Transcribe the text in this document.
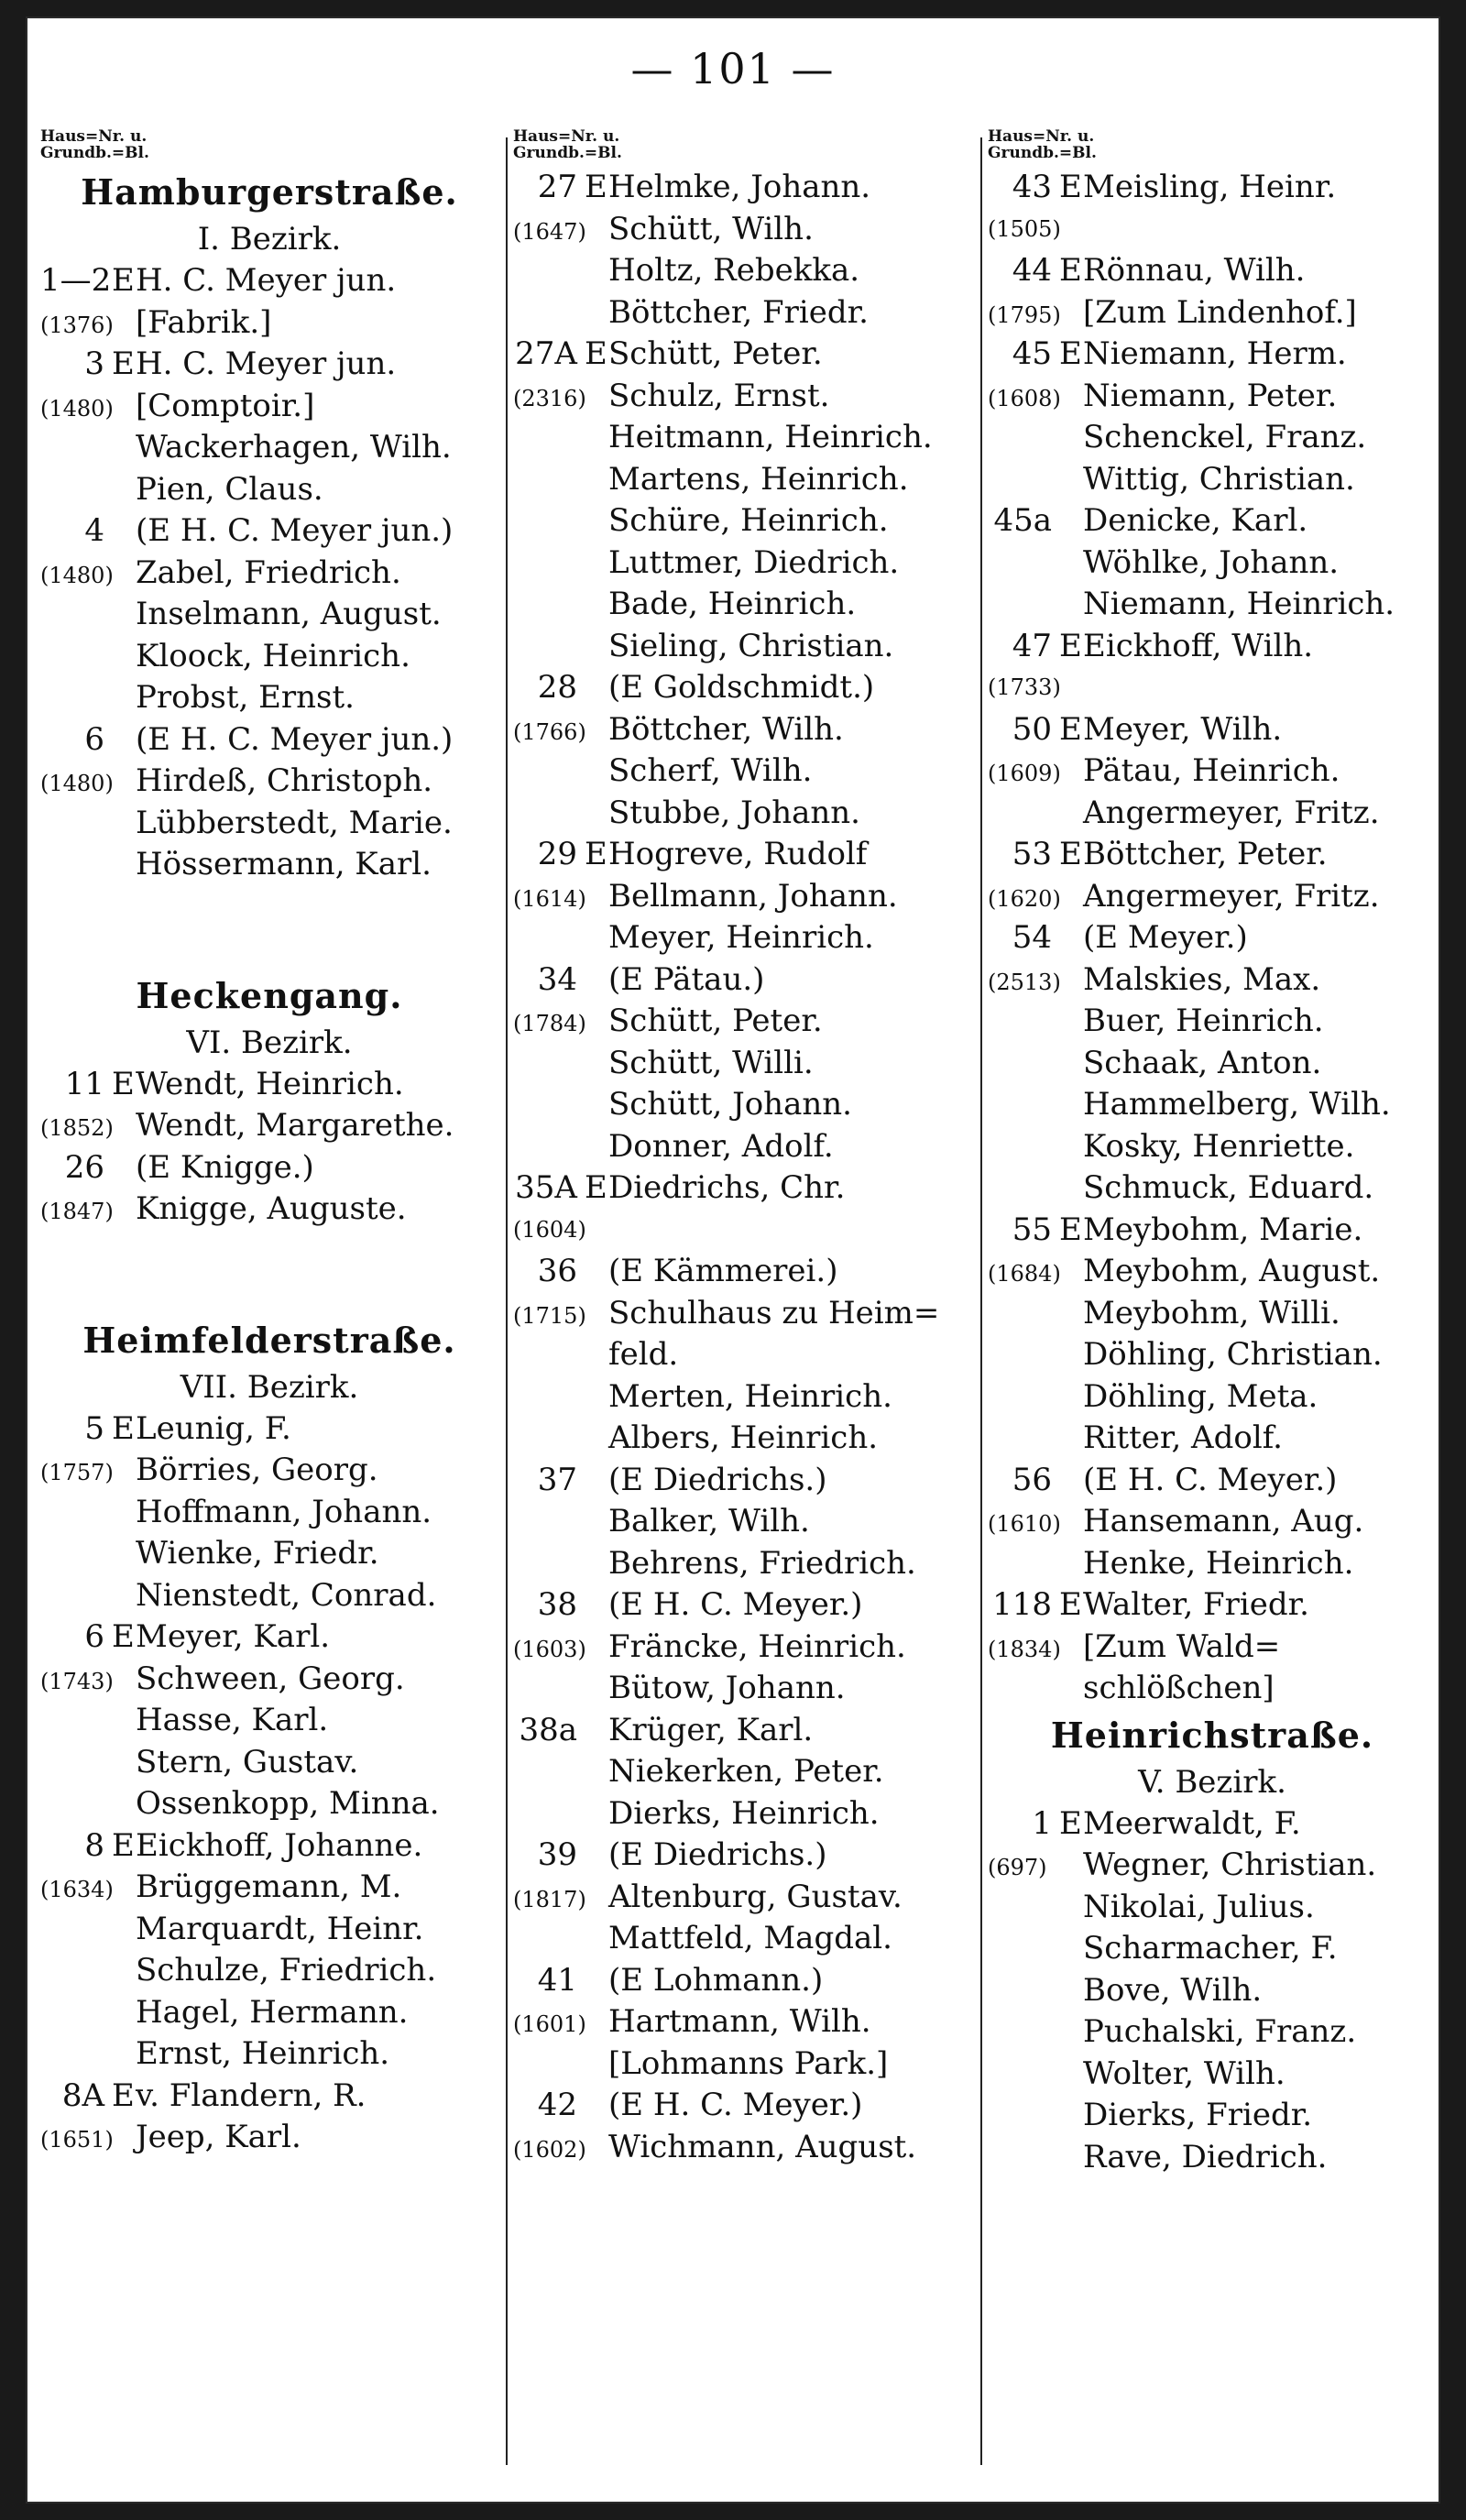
— 101 —
Haus=Nr. u.
Grundb.=Bl.
Hamburgerstraße.
I. Bezirk.
1—2 E H. C. Meyer jun.
(1376) [Fabrik.]
3 E H. C. Meyer jun.
(1480) [Comptoir.]
Wackerhagen, Wilh.
Pien, Claus.
4 (E H. C. Meyer jun.)
(1480) Zabel, Friedrich.
Inselmann, August.
Kloock, Heinrich.
Probst, Ernst.
6 (E H. C. Meyer jun.)
(1480) Hirdeß, Christoph.
Lübberstedt, Marie.
Hössermann, Karl.
Heckengang.
VI. Bezirk.
11 E Wendt, Heinrich.
(1852) Wendt, Margarethe.
26 (E Knigge.)
(1847) Knigge, Auguste.
Heimfelderstraße.
VII. Bezirk.
5 E Leunig, F.
(1757) Börries, Georg.
Hoffmann, Johann.
Wienke, Friedr.
Nienstedt, Conrad.
6 E Meyer, Karl.
(1743) Schween, Georg.
Hasse, Karl.
Stern, Gustav.
Ossenkopp, Minna.
8 E Eickhoff, Johanne.
(1634) Brüggemann, M.
Marquardt, Heinr.
Schulze, Friedrich.
Hagel, Hermann.
Ernst, Heinrich.
8A E v. Flandern, R.
(1651) Jeep, Karl.
Haus=Nr. u.
Grundb.=Bl.
27 E Helmke, Johann.
(1647) Schütt, Wilh.
Holtz, Rebekka.
Böttcher, Friedr.
27A E Schütt, Peter.
(2316) Schulz, Ernst.
Heitmann, Heinrich.
Martens, Heinrich.
Schüre, Heinrich.
Luttmer, Diedrich.
Bade, Heinrich.
Sieling, Christian.
28 (E Goldschmidt.)
(1766) Böttcher, Wilh.
Scherf, Wilh.
Stubbe, Johann.
29 E Hogreve, Rudolf
(1614) Bellmann, Johann.
Meyer, Heinrich.
34 (E Pätau.)
(1784) Schütt, Peter.
Schütt, Willi.
Schütt, Johann.
Donner, Adolf.
35A E Diedrichs, Chr.
(1604)
36 (E Kämmerei.)
(1715) Schulhaus zu Heim=
feld.
Merten, Heinrich.
Albers, Heinrich.
37 (E Diedrichs.)
Balker, Wilh.
Behrens, Friedrich.
38 (E H. C. Meyer.)
(1603) Fräncke, Heinrich.
Bütow, Johann.
38a Krüger, Karl.
Niekerken, Peter.
Dierks, Heinrich.
39 (E Diedrichs.)
(1817) Altenburg, Gustav.
Mattfeld, Magdal.
41 (E Lohmann.)
(1601) Hartmann, Wilh.
[Lohmanns Park.]
42 (E H. C. Meyer.)
(1602) Wichmann, August.
Haus=Nr. u.
Grundb.=Bl.
43 E Meisling, Heinr.
(1505)
44 E Rönnau, Wilh.
(1795) [Zum Lindenhof.]
45 E Niemann, Herm.
(1608) Niemann, Peter.
Schenckel, Franz.
Wittig, Christian.
45a Denicke, Karl.
Wöhlke, Johann.
Niemann, Heinrich.
47 E Eickhoff, Wilh.
(1733)
50 E Meyer, Wilh.
(1609) Pätau, Heinrich.
Angermeyer, Fritz.
53 E Böttcher, Peter.
(1620) Angermeyer, Fritz.
54 (E Meyer.)
(2513) Malskies, Max.
Buer, Heinrich.
Schaak, Anton.
Hammelberg, Wilh.
Kosky, Henriette.
Schmuck, Eduard.
55 E Meybohm, Marie.
(1684) Meybohm, August.
Meybohm, Willi.
Döhling, Christian.
Döhling, Meta.
Ritter, Adolf.
56 (E H. C. Meyer.)
(1610) Hansemann, Aug.
Henke, Heinrich.
118 E Walter, Friedr.
(1834) [Zum Wald=
schlößchen]
Heinrichstraße.
V. Bezirk.
1 E Meerwaldt, F.
(697)	Wegner, Christian.
Nikolai, Julius.
Scharmacher, F.
Bove, Wilh.
Puchalski, Franz.
Wolter, Wilh.
Dierks, Friedr.
Rave, Diedrich.
